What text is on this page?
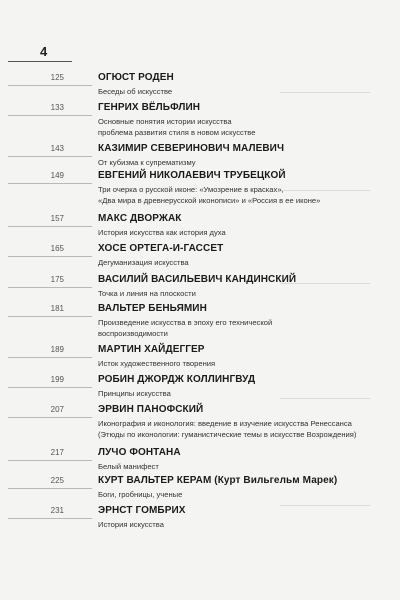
4
125	ОГЮСТ РОДЕН
Беседы об искусстве
133	ГЕНРИХ ВЁЛЬФЛИН
Основные понятия истории искусства
проблема развития стиля в новом искусстве
143	КАЗИМИР СЕВЕРИНОВИЧ МАЛЕВИЧ
От кубизма к супрематизму
149	ЕВГЕНИЙ НИКОЛАЕВИЧ ТРУБЕЦКОЙ
Три очерка о русской иконе: «Умозрение в красках»,
«Два мира в древнерусской иконописи» и «Россия в ее иконе»
157	МАКС ДВОРЖАК
История искусства как история духа
165	ХОСЕ ОРТЕГА-И-ГАССЕТ
Дегуманизация искусства
175	ВАСИЛИЙ ВАСИЛЬЕВИЧ КАНДИНСКИЙ
Точка и линия на плоскости
181	ВАЛЬТЕР БЕНЬЯМИН
Произведение искусства в эпоху его технической
воспроизводимости
189	МАРТИН ХАЙДЕГГЕР
Исток художественного творения
199	РОБИН ДЖОРДЖ КОЛЛИНГВУД
Принципы искусства
207	ЭРВИН ПАНОФСКИЙ
Иконография и иконология: введение в изучение искусства Ренессанса
(Этюды по иконологии: гуманистические темы в искусстве Возрождения)
217	ЛУЧО ФОНТАНА
Белый манифест
225	КУРТ ВАЛЬТЕР КЕРАМ (Курт Вильгельм Марек)
Боги, гробницы, ученые
231	ЭРНСТ ГОМБРИХ
История искусства
